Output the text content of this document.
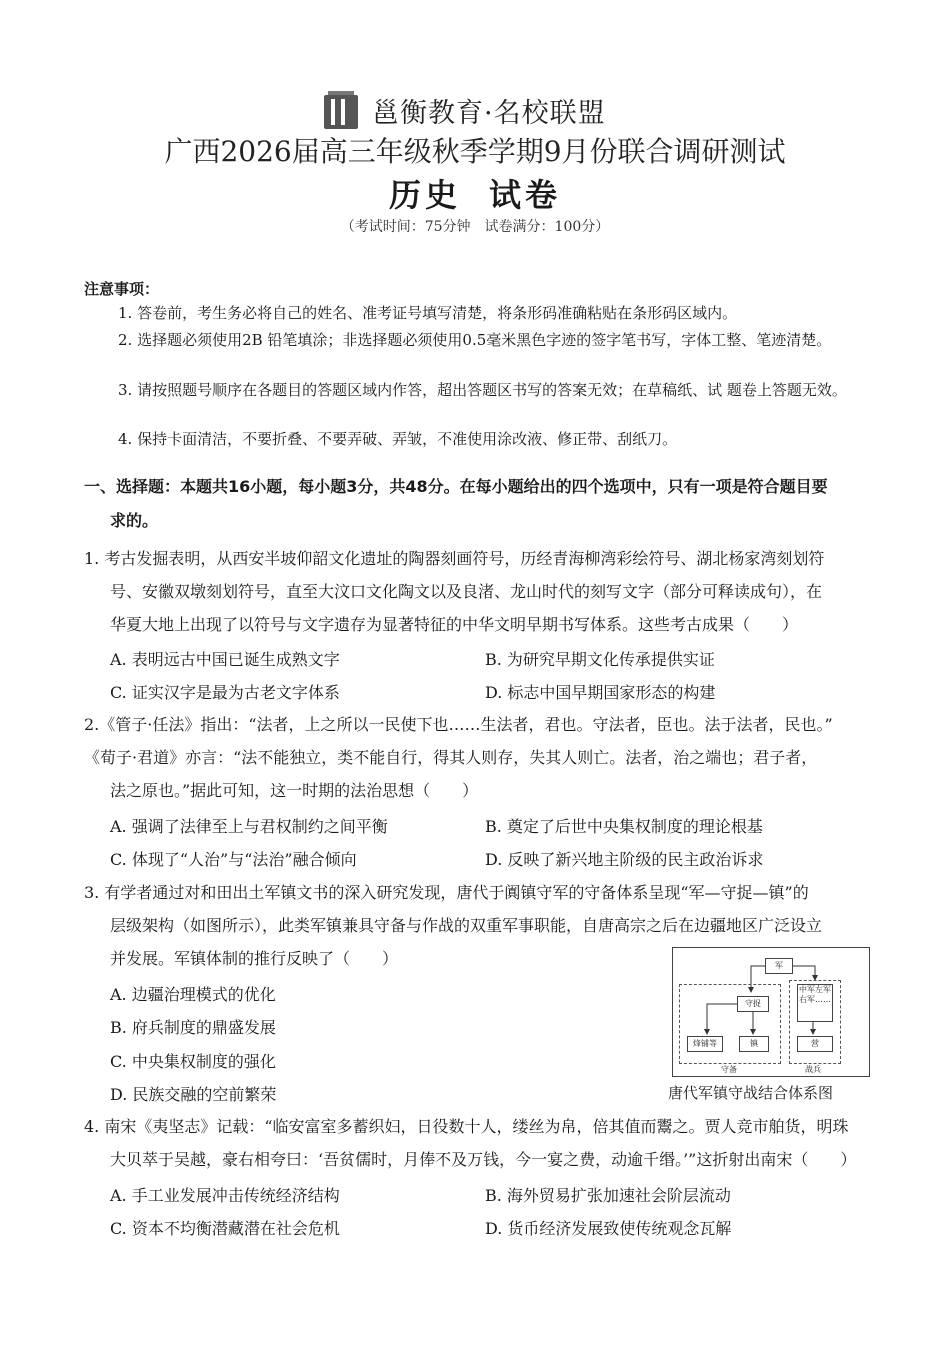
邕衡教育·名校联盟
广西2026届高三年级秋季学期9月份联合调研测试
历史 试卷
（考试时间：75分钟　试卷满分：100分）
注意事项：
1. 答卷前，考生务必将自己的姓名、准考证号填写清楚，将条形码准确粘贴在条形码区域内。
2. 选择题必须使用2B 铅笔填涂；非选择题必须使用0.5毫米黑色字迹的签字笔书写，字体工整、笔迹清楚。
3. 请按照题号顺序在各题目的答题区域内作答，超出答题区书写的答案无效；在草稿纸、试 题卷上答题无效。
4. 保持卡面清洁，不要折叠、不要弄破、弄皱，不准使用涂改液、修正带、刮纸刀。
一、选择题：本题共16小题，每小题3分，共48分。在每小题给出的四个选项中，只有一项是符合题目要
求的。
1. 考古发掘表明，从西安半坡仰韶文化遗址的陶器刻画符号，历经青海柳湾彩绘符号、湖北杨家湾刻划符
号、安徽双墩刻划符号，直至大汶口文化陶文以及良渚、龙山时代的刻写文字（部分可释读成句），在
华夏大地上出现了以符号与文字遗存为显著特征的中华文明早期书写体系。这些考古成果（　　）
A. 表明远古中国已诞生成熟文字	B. 为研究早期文化传承提供实证
C. 证实汉字是最为古老文字体系	D. 标志中国早期国家形态的构建
2.《管子·任法》指出：“法者，上之所以一民使下也……生法者，君也。守法者，臣也。法于法者，民也。”
《荀子·君道》亦言：“法不能独立，类不能自行，得其人则存，失其人则亡。法者，治之端也；君子者，
法之原也。”据此可知，这一时期的法治思想（　　）
A. 强调了法律至上与君权制约之间平衡	B. 奠定了后世中央集权制度的理论根基
C. 体现了“人治”与“法治”融合倾向	D. 反映了新兴地主阶级的民主政治诉求
3. 有学者通过对和田出土军镇文书的深入研究发现，唐代于阗镇守军的守备体系呈现“军—守捉—镇”的
层级架构（如图所示），此类军镇兼具守备与作战的双重军事职能，自唐高宗之后在边疆地区广泛设立
并发展。军镇体制的推行反映了（　　）
A. 边疆治理模式的优化
B. 府兵制度的鼎盛发展
C. 中央集权制度的强化
D. 民族交融的空前繁荣
军
守捉
烽铺等	镇
中军左军右军……
营
守备	战兵
唐代军镇守战结合体系图
4. 南宋《夷坚志》记载：“临安富室多蓄织妇，日役数十人，缕丝为帛，倍其值而鬻之。贾人竞市舶货，明珠
大贝萃于吴越，豪右相夸曰：‘吾贫儒时，月俸不及万钱，今一宴之费，动逾千缗。’”这折射出南宋（　　）
A. 手工业发展冲击传统经济结构	B. 海外贸易扩张加速社会阶层流动
C. 资本不均衡潜藏潜在社会危机	D. 货币经济发展致使传统观念瓦解
